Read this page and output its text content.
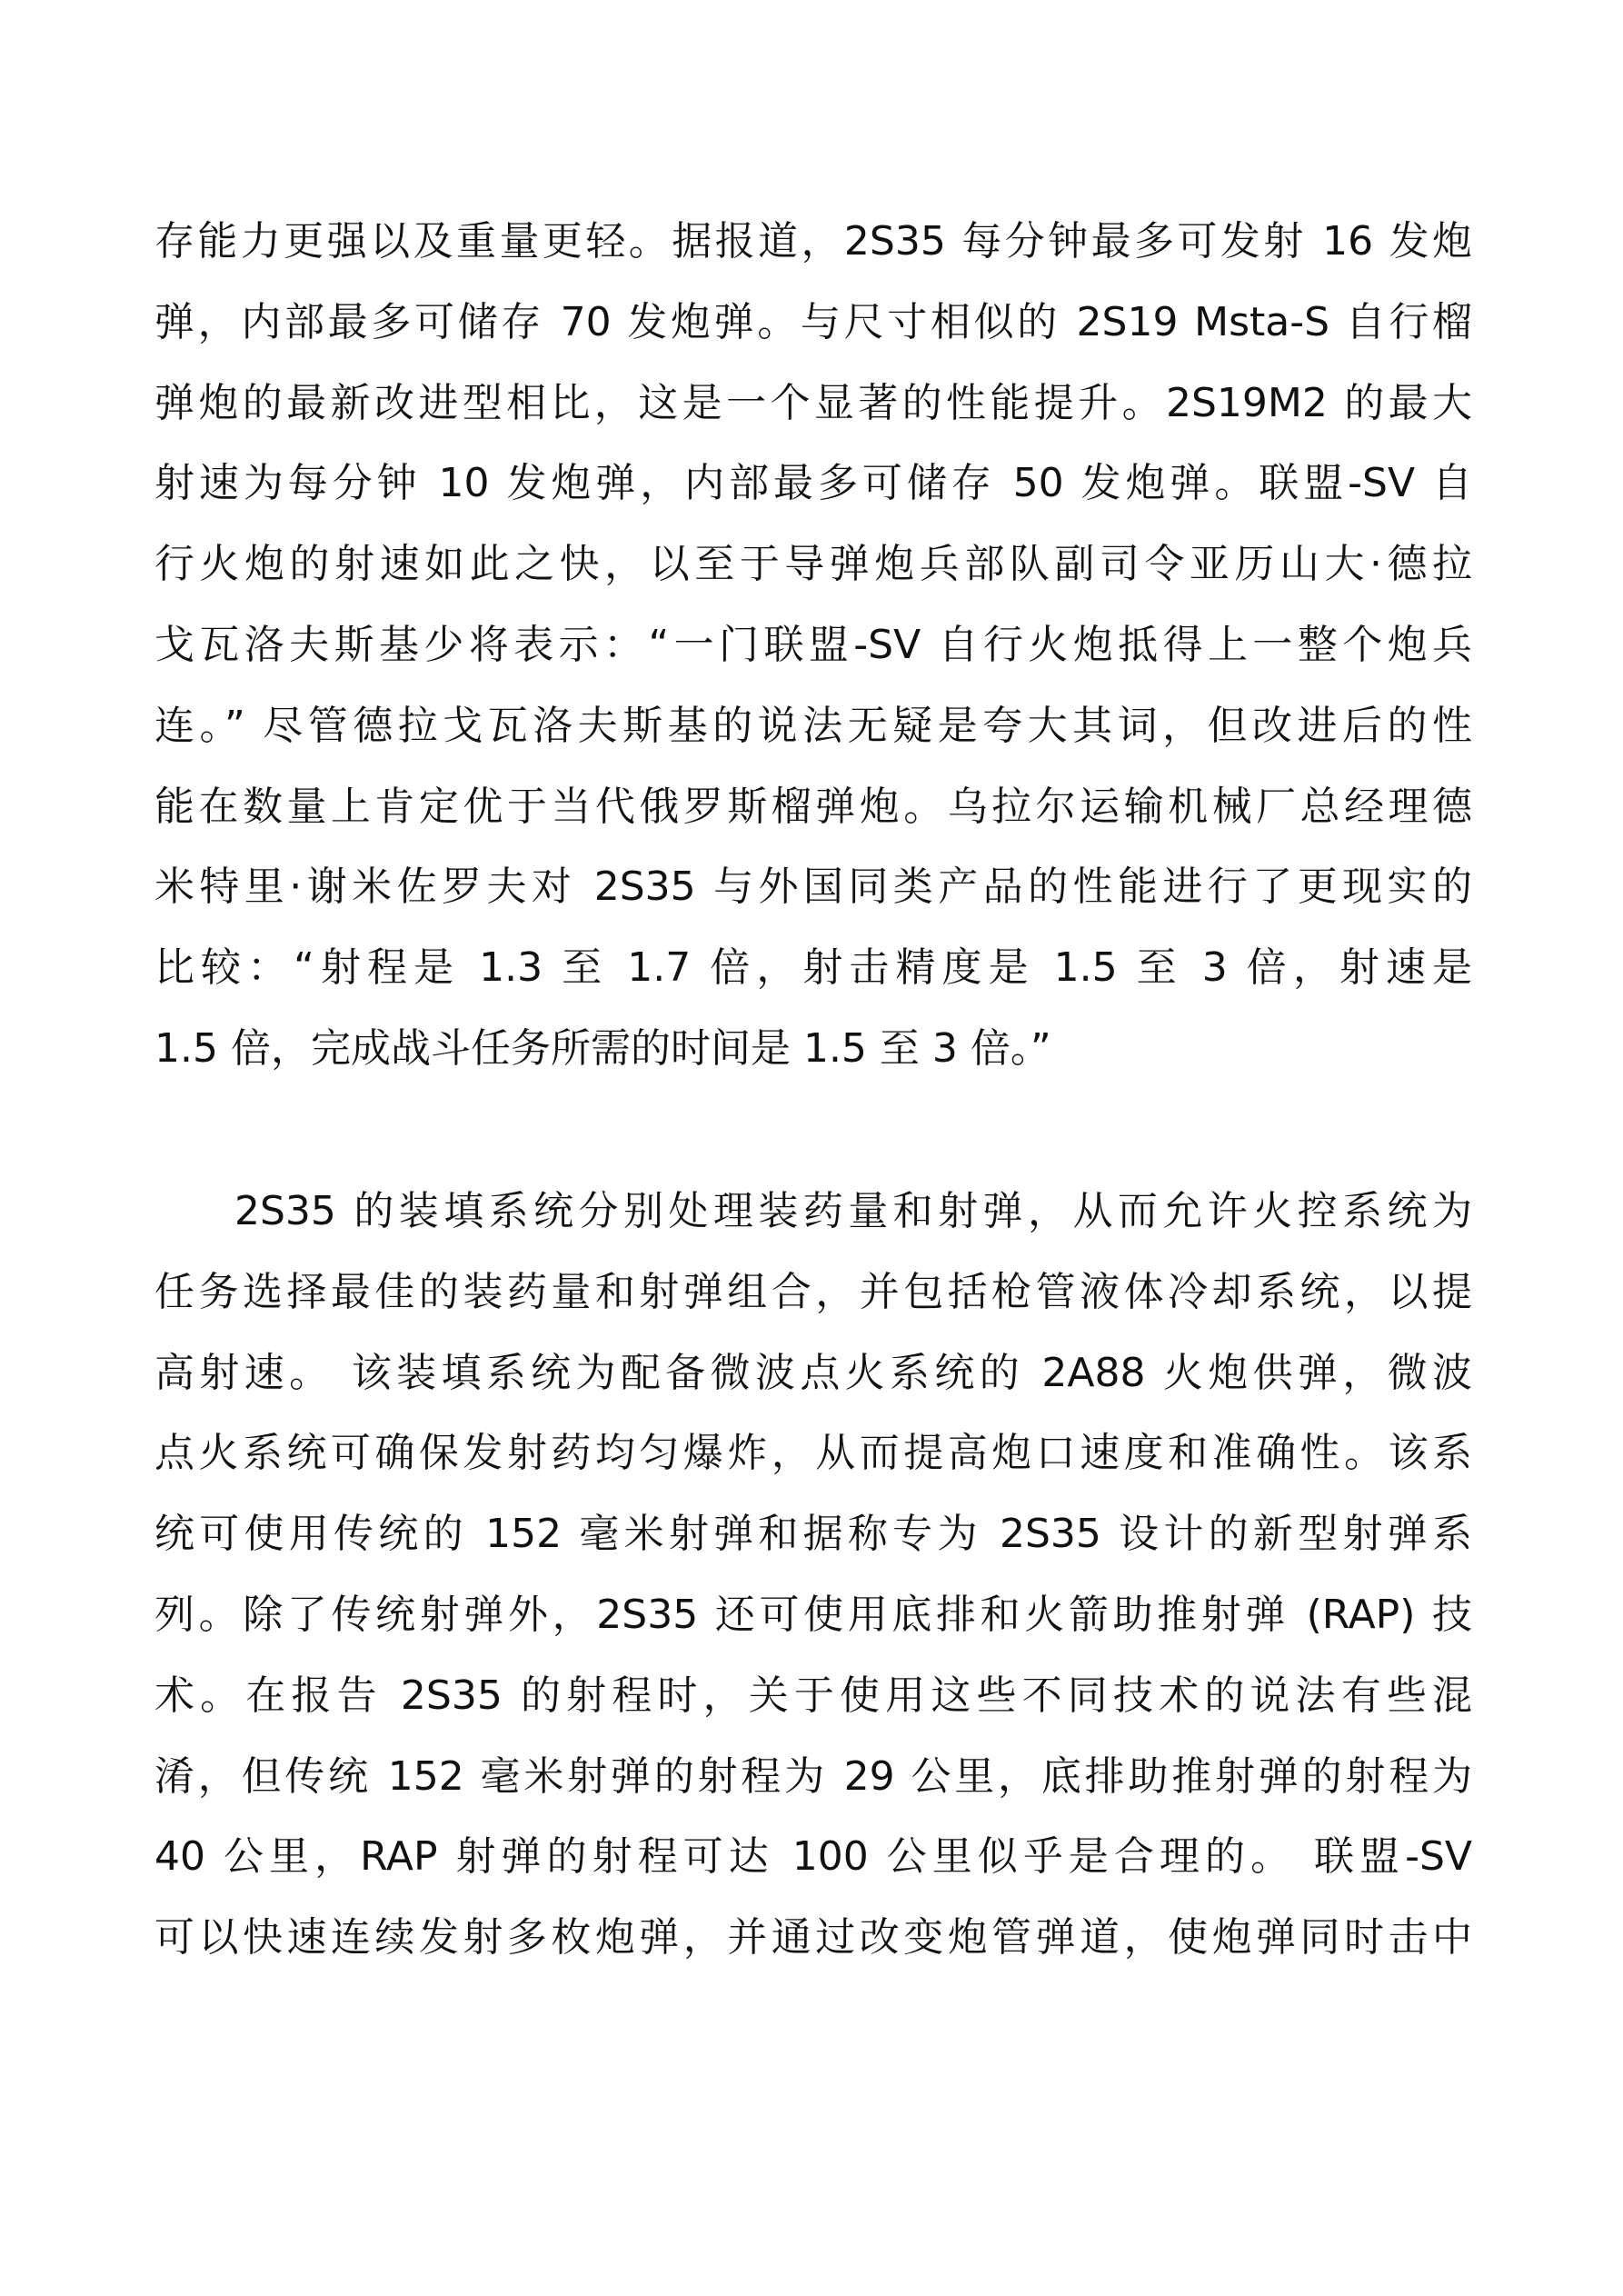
存能力更强以及重量更轻。据报道，2S35 每分钟最多可发射 16 发炮
弹，内部最多可储存 70 发炮弹。与尺寸相似的 2S19 Msta-S 自行榴
弹炮的最新改进型相比，这是一个显著的性能提升。2S19M2 的最大
射速为每分钟 10 发炮弹，内部最多可储存 50 发炮弹。联盟-SV 自
行火炮的射速如此之快，以至于导弹炮兵部队副司令亚历山大·德拉
戈瓦洛夫斯基少将表示：“一门联盟-SV 自行火炮抵得上一整个炮兵
连。” 尽管德拉戈瓦洛夫斯基的说法无疑是夸大其词，但改进后的性
能在数量上肯定优于当代俄罗斯榴弹炮。乌拉尔运输机械厂总经理德
米特里·谢米佐罗夫对 2S35 与外国同类产品的性能进行了更现实的
比较：“射程是 1.3 至 1.7 倍，射击精度是 1.5 至 3 倍，射速是
1.5 倍，完成战斗任务所需的时间是 1.5 至 3 倍。”
2S35 的装填系统分别处理装药量和射弹，从而允许火控系统为
任务选择最佳的装药量和射弹组合，并包括枪管液体冷却系统，以提
高射速。 该装填系统为配备微波点火系统的 2A88 火炮供弹，微波
点火系统可确保发射药均匀爆炸，从而提高炮口速度和准确性。该系
统可使用传统的 152 毫米射弹和据称专为 2S35 设计的新型射弹系
列。除了传统射弹外，2S35 还可使用底排和火箭助推射弹 (RAP) 技
术。在报告 2S35 的射程时，关于使用这些不同技术的说法有些混
淆，但传统 152 毫米射弹的射程为 29 公里，底排助推射弹的射程为
40 公里，RAP 射弹的射程可达 100 公里似乎是合理的。 联盟-SV
可以快速连续发射多枚炮弹，并通过改变炮管弹道，使炮弹同时击中
